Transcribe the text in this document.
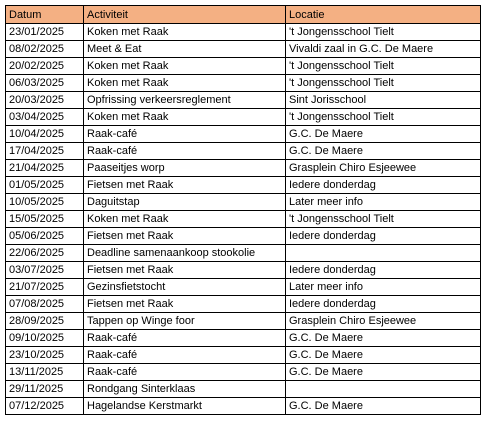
Datum	Activiteit	Locatie
23/01/2025	Koken met Raak	't Jongensschool Tielt
08/02/2025	Meet & Eat	Vivaldi zaal in G.C. De Maere
20/02/2025	Koken met Raak	't Jongensschool Tielt
06/03/2025	Koken met Raak	't Jongensschool Tielt
20/03/2025	Opfrissing verkeersreglement	Sint Jorisschool
03/04/2025	Koken met Raak	't Jongensschool Tielt
10/04/2025	Raak-café	G.C. De Maere
17/04/2025	Raak-café	G.C. De Maere
21/04/2025	Paaseitjes worp	Grasplein Chiro Esjeewee
01/05/2025	Fietsen met Raak	Iedere donderdag
10/05/2025	Daguitstap	Later meer info
15/05/2025	Koken met Raak	't Jongensschool Tielt
05/06/2025	Fietsen met Raak	Iedere donderdag
22/06/2025	Deadline samenaankoop stookolie	
03/07/2025	Fietsen met Raak	Iedere donderdag
21/07/2025	Gezinsfietstocht	Later meer info
07/08/2025	Fietsen met Raak	Iedere donderdag
28/09/2025	Tappen op Winge foor	Grasplein Chiro Esjeewee
09/10/2025	Raak-café	G.C. De Maere
23/10/2025	Raak-café	G.C. De Maere
13/11/2025	Raak-café	G.C. De Maere
29/11/2025	Rondgang Sinterklaas	
07/12/2025	Hagelandse Kerstmarkt	G.C. De Maere
